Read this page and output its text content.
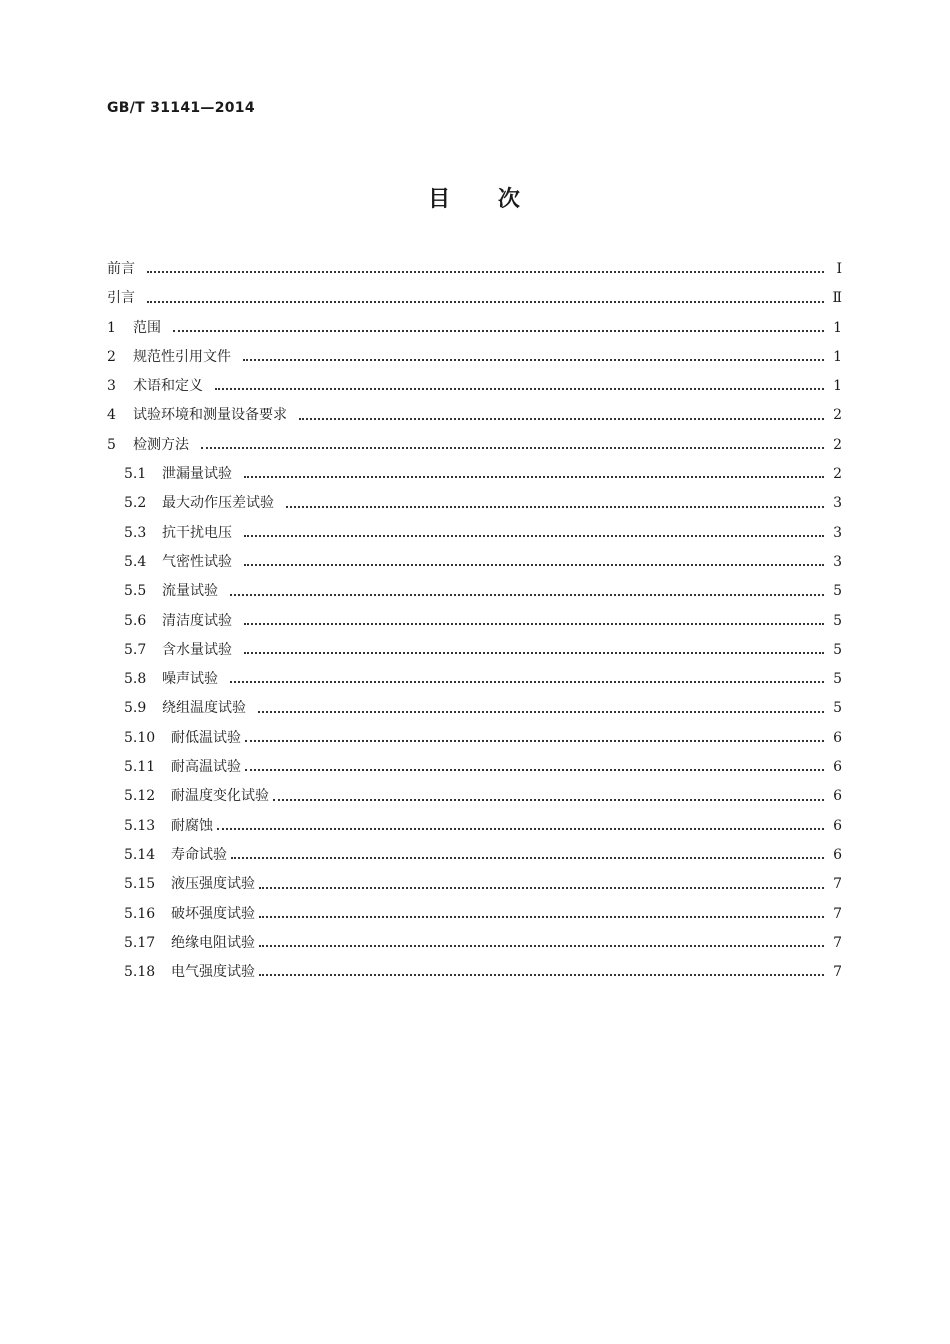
GB/T 31141—2014
目 次
前言	Ⅰ
引言	Ⅱ
1	范围	1
2	规范性引用文件	1
3	术语和定义	1
4	试验环境和测量设备要求	2
5	检测方法	2
5.1	泄漏量试验	2
5.2	最大动作压差试验	3
5.3	抗干扰电压	3
5.4	气密性试验	3
5.5	流量试验	5
5.6	清洁度试验	5
5.7	含水量试验	5
5.8	噪声试验	5
5.9	绕组温度试验	5
5.10	耐低温试验	6
5.11	耐高温试验	6
5.12	耐温度变化试验	6
5.13	耐腐蚀	6
5.14	寿命试验	6
5.15	液压强度试验	7
5.16	破坏强度试验	7
5.17	绝缘电阻试验	7
5.18	电气强度试验	7
